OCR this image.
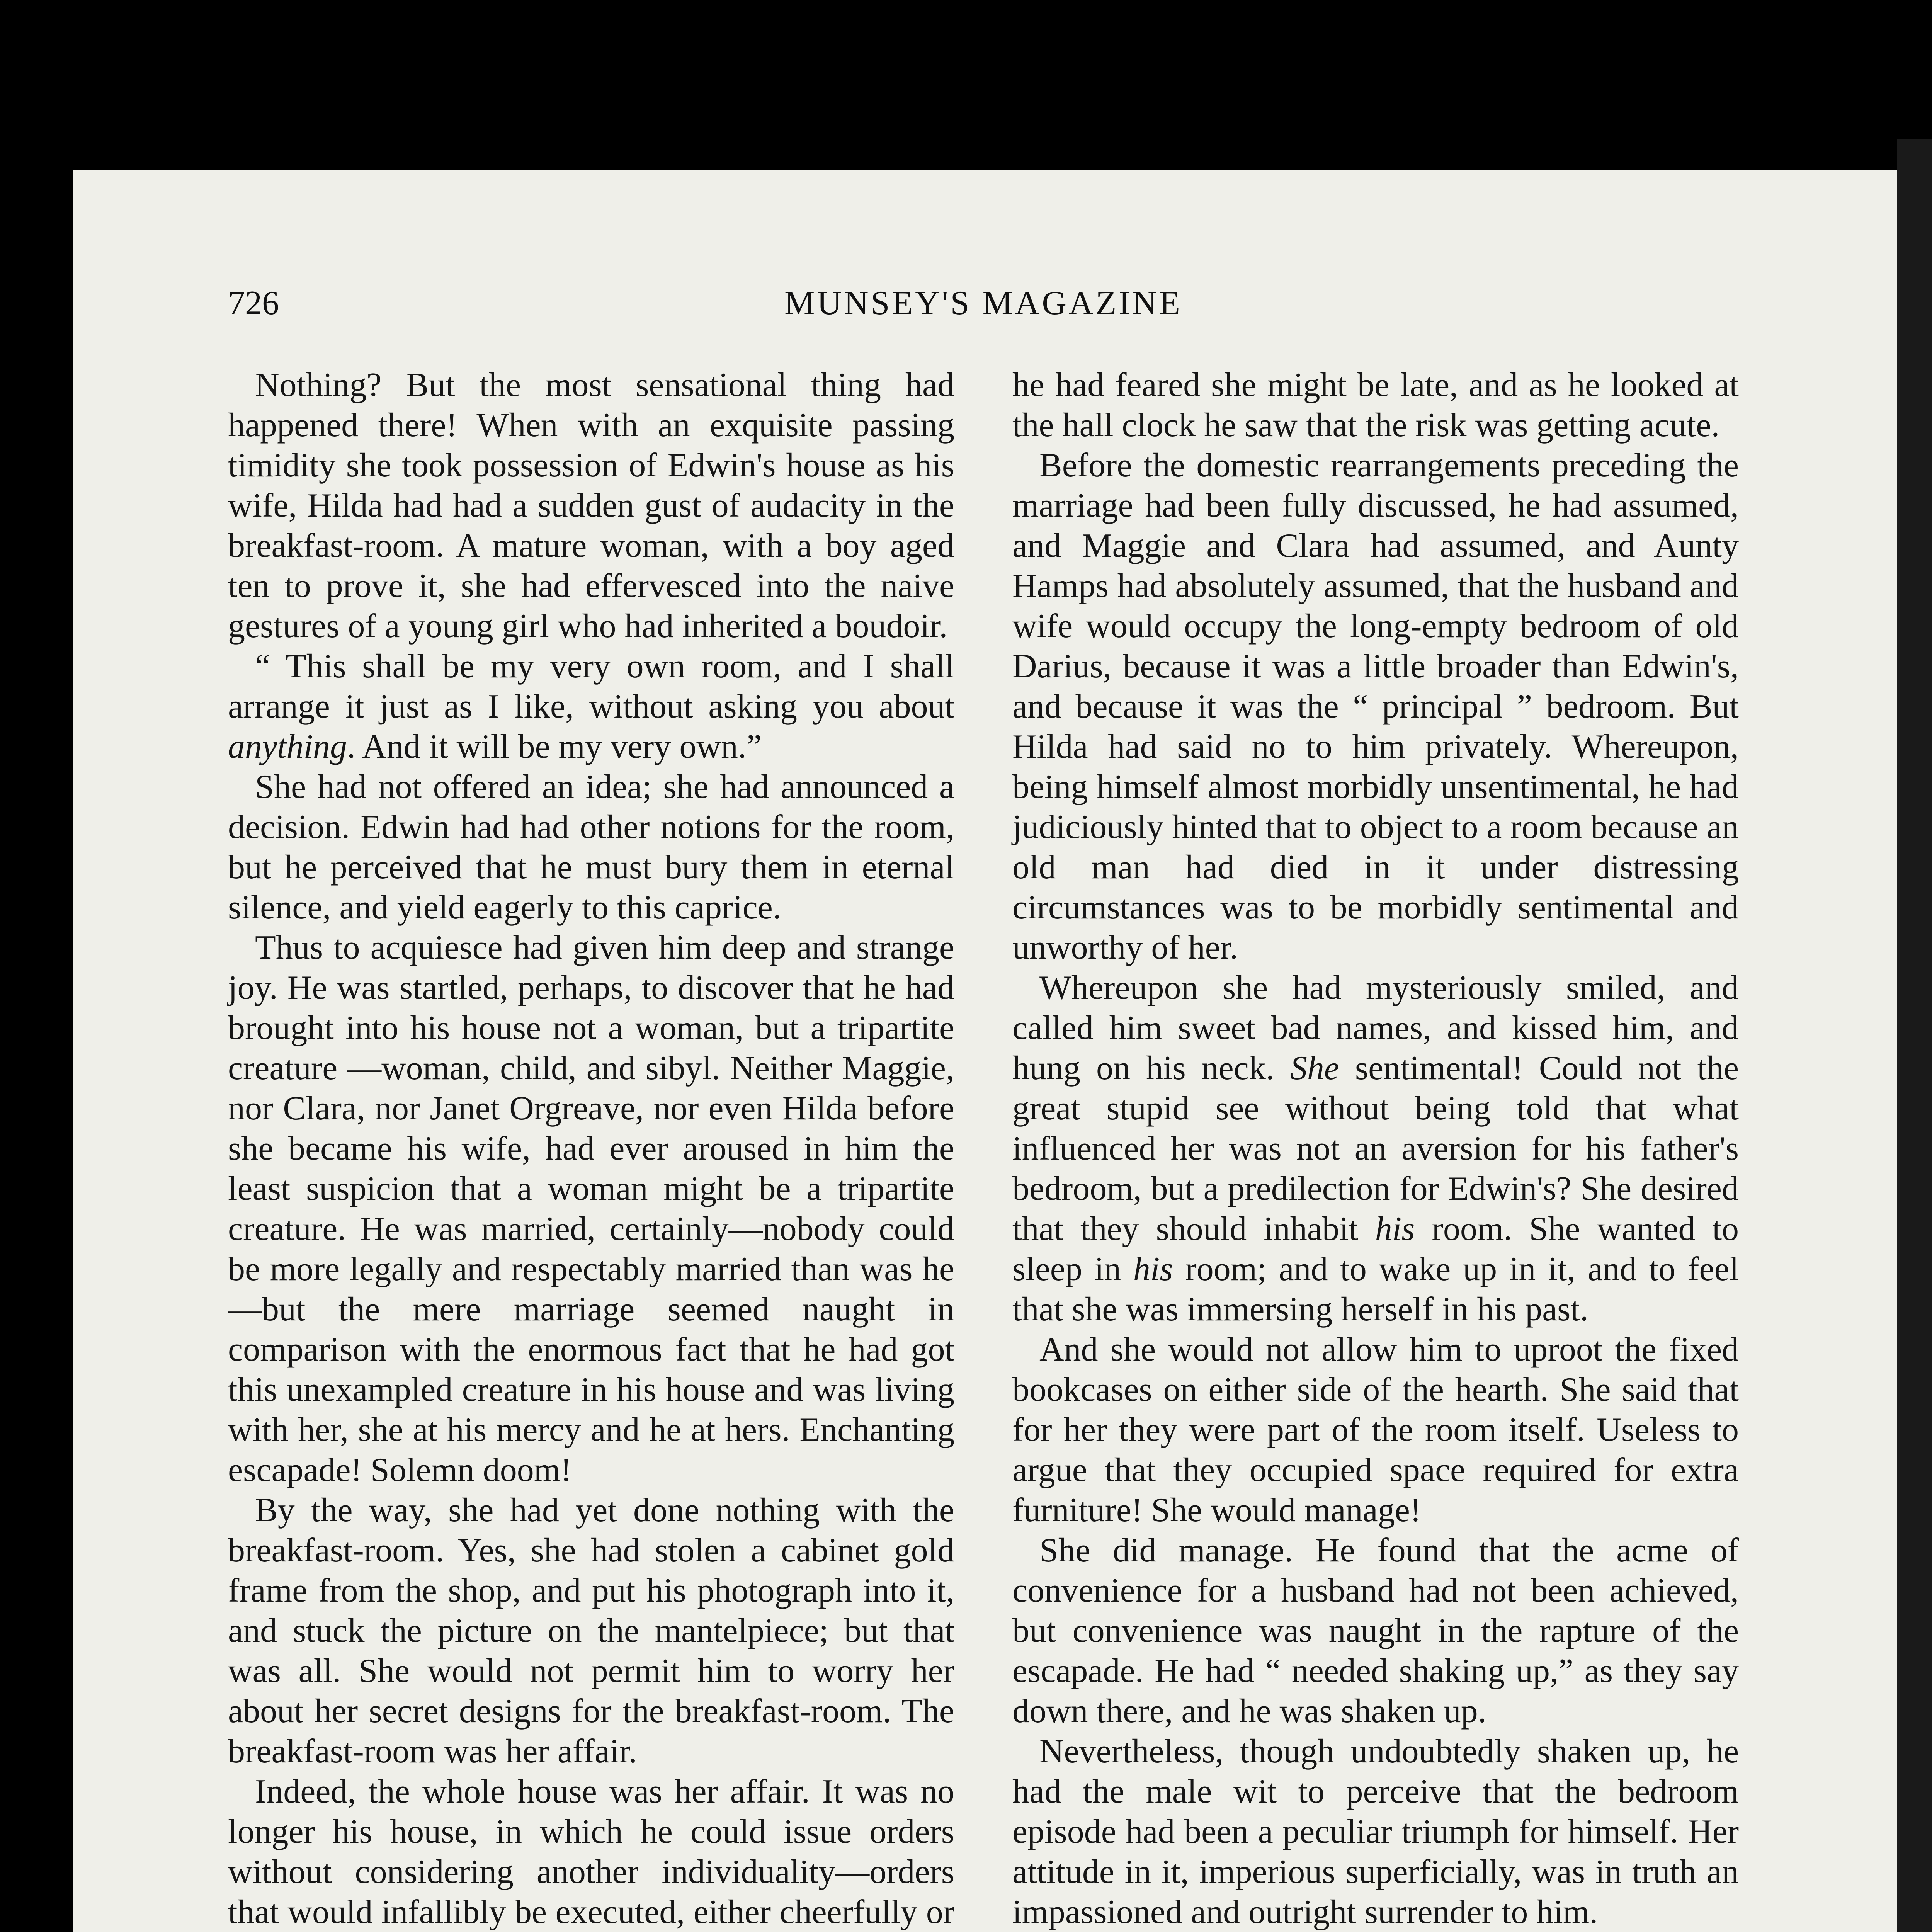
726	MUNSEY'S MAGAZINE

Nothing? But the most sensational thing had happened there! When with an exquisite passing timidity she took possession of Edwin's house as his wife, Hilda had had a sudden gust of audacity in the breakfast-room. A mature woman, with a boy aged ten to prove it, she had effervesced into the naive gestures of a young girl who had inherited a boudoir.

“ This shall be my very own room, and I shall arrange it just as I like, without asking you about anything. And it will be my very own.”

She had not offered an idea; she had announced a decision. Edwin had had other notions for the room, but he perceived that he must bury them in eternal silence, and yield eagerly to this caprice.

Thus to acquiesce had given him deep and strange joy. He was startled, perhaps, to discover that he had brought into his house not a woman, but a tripartite creature —woman, child, and sibyl. Neither Maggie, nor Clara, nor Janet Orgreave, nor even Hilda before she became his wife, had ever aroused in him the least suspicion that a woman might be a tripartite creature. He was married, certainly—nobody could be more legally and respectably married than was he—but the mere marriage seemed naught in comparison with the enormous fact that he had got this unexampled creature in his house and was living with her, she at his mercy and he at hers. Enchanting escapade! Solemn doom!

By the way, she had yet done nothing with the breakfast-room. Yes, she had stolen a cabinet gold frame from the shop, and put his photograph into it, and stuck the picture on the mantelpiece; but that was all. She would not permit him to worry her about her secret designs for the breakfast-room. The breakfast-room was her affair.

Indeed, the whole house was her affair. It was no longer his house, in which he could issue orders without considering another individuality—orders that would infallibly be executed, either cheerfully or

he had feared she might be late, and as he looked at the hall clock he saw that the risk was getting acute.

Before the domestic rearrangements preceding the marriage had been fully discussed, he had assumed, and Maggie and Clara had assumed, and Aunty Hamps had absolutely assumed, that the husband and wife would occupy the long-empty bedroom of old Darius, because it was a little broader than Edwin's, and because it was the “ principal ” bedroom. But Hilda had said no to him privately. Whereupon, being himself almost morbidly unsentimental, he had judiciously hinted that to object to a room because an old man had died in it under distressing circumstances was to be morbidly sentimental and unworthy of her.

Whereupon she had mysteriously smiled, and called him sweet bad names, and kissed him, and hung on his neck. She sentimental! Could not the great stupid see without being told that what influenced her was not an aversion for his father's bedroom, but a predilection for Edwin's? She desired that they should inhabit his room. She wanted to sleep in his room; and to wake up in it, and to feel that she was immersing herself in his past.

And she would not allow him to uproot the fixed bookcases on either side of the hearth. She said that for her they were part of the room itself. Useless to argue that they occupied space required for extra furniture! She would manage!

She did manage. He found that the acme of convenience for a husband had not been achieved, but convenience was naught in the rapture of the escapade. He had “ needed shaking up,” as they say down there, and he was shaken up.

Nevertheless, though undoubtedly shaken up, he had the male wit to perceive that the bedroom episode had been a peculiar triumph for himself. Her attitude in it, imperious superficially, was in truth an impassioned and outright surrender to him.
